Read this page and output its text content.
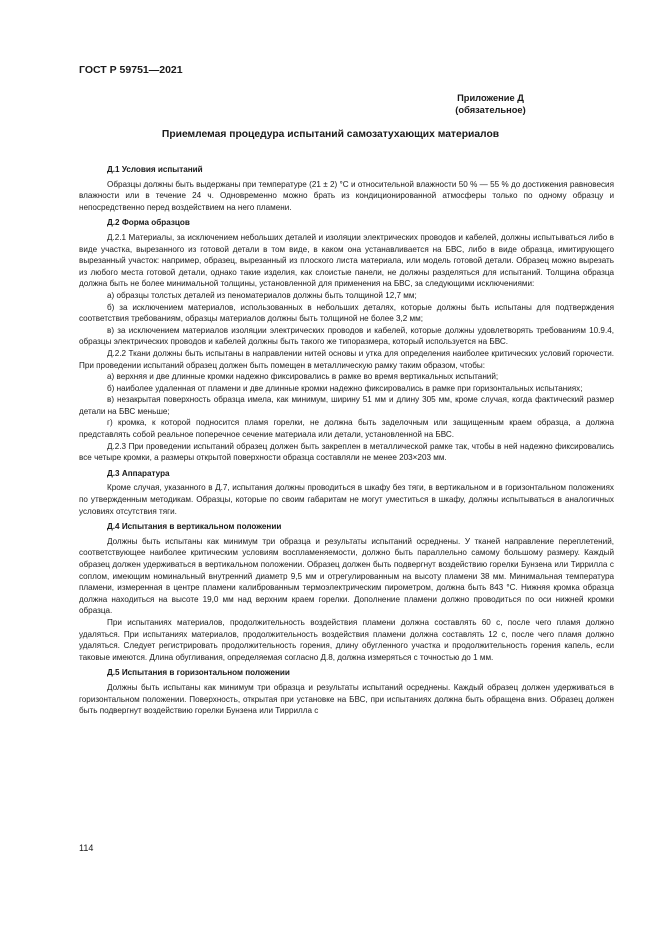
ГОСТ Р 59751—2021
Приложение Д
(обязательное)
Приемлемая процедура испытаний самозатухающих материалов
Д.1 Условия испытаний

Образцы должны быть выдержаны при температуре (21 ± 2) °С и относительной влажности 50 % — 55 % до достижения равновесия влажности или в течение 24 ч. Одновременно можно брать из кондиционированной атмосферы только по одному образцу и непосредственно перед воздействием на него пламени.

Д.2 Форма образцов

Д.2.1 Материалы, за исключением небольших деталей и изоляции электрических проводов и кабелей, должны испытываться либо в виде участка, вырезанного из готовой детали в том виде, в каком она устанавливается на БВС, либо в виде образца, имитирующего вырезанный участок: например, образец, вырезанный из плоского листа материала, или модель готовой детали. Образец можно вырезать из любого места готовой детали, однако такие изделия, как слоистые панели, не должны разделяться для испытаний. Толщина образца должна быть не более минимальной толщины, установленной для применения на БВС, за следующими исключениями:

а) образцы толстых деталей из пеноматериалов должны быть толщиной 12,7 мм;

б) за исключением материалов, использованных в небольших деталях, которые должны быть испытаны для подтверждения соответствия требованиям, образцы материалов должны быть толщиной не более 3,2 мм;

в) за исключением материалов изоляции электрических проводов и кабелей, которые должны удовлетворять требованиям 10.9.4, образцы электрических проводов и кабелей должны быть такого же типоразмера, который используется на БВС.

Д.2.2 Ткани должны быть испытаны в направлении нитей основы и утка для определения наиболее критических условий горючести. При проведении испытаний образец должен быть помещен в металлическую рамку таким образом, чтобы:

а) верхняя и две длинные кромки надежно фиксировались в рамке во время вертикальных испытаний;

б) наиболее удаленная от пламени и две длинные кромки надежно фиксировались в рамке при горизонтальных испытаниях;

в) незакрытая поверхность образца имела, как минимум, ширину 51 мм и длину 305 мм, кроме случая, когда фактический размер детали на БВС меньше;

г) кромка, к которой подносится пламя горелки, не должна быть заделочным или защищенным краем образца, а должна представлять собой реальное поперечное сечение материала или детали, установленной на БВС.

Д.2.3 При проведении испытаний образец должен быть закреплен в металлической рамке так, чтобы в ней надежно фиксировались все четыре кромки, а размеры открытой поверхности образца составляли не менее 203×203 мм.

Д.3 Аппаратура

Кроме случая, указанного в Д.7, испытания должны проводиться в шкафу без тяги, в вертикальном и в горизонтальном положениях по утвержденным методикам. Образцы, которые по своим габаритам не могут уместиться в шкафу, должны испытываться в аналогичных условиях отсутствия тяги.

Д.4 Испытания в вертикальном положении

Должны быть испытаны как минимум три образца и результаты испытаний осреднены. У тканей направление переплетений, соответствующее наиболее критическим условиям воспламеняемости, должно быть параллельно самому большому размеру. Каждый образец должен удерживаться в вертикальном положении. Образец должен быть подвергнут воздействию горелки Бунзена или Тиррилла с соплом, имеющим номинальный внутренний диаметр 9,5 мм и отрегулированным на высоту пламени 38 мм. Минимальная температура пламени, измеренная в центре пламени калиброванным термоэлектрическим пирометром, должна быть 843 °С. Нижняя кромка образца должна находиться на высоте 19,0 мм над верхним краем горелки. Дополнение пламени должно проводиться по оси нижней кромки образца.

При испытаниях материалов, продолжительность воздействия пламени должна составлять 60 с, после чего пламя должно удаляться. При испытаниях материалов, продолжительность воздействия пламени должна составлять 12 с, после чего пламя должно удаляться. Следует регистрировать продолжительность горения, длину обугленного участка и продолжительность горения капель, если таковые имеются. Длина обугливания, определяемая согласно Д.8, должна измеряться с точностью до 1 мм.

Д.5 Испытания в горизонтальном положении

Должны быть испытаны как минимум три образца и результаты испытаний осреднены. Каждый образец должен удерживаться в горизонтальном положении. Поверхность, открытая при установке на БВС, при испытаниях должна быть обращена вниз. Образец должен быть подвергнут воздействию горелки Бунзена или Тиррилла с

114
